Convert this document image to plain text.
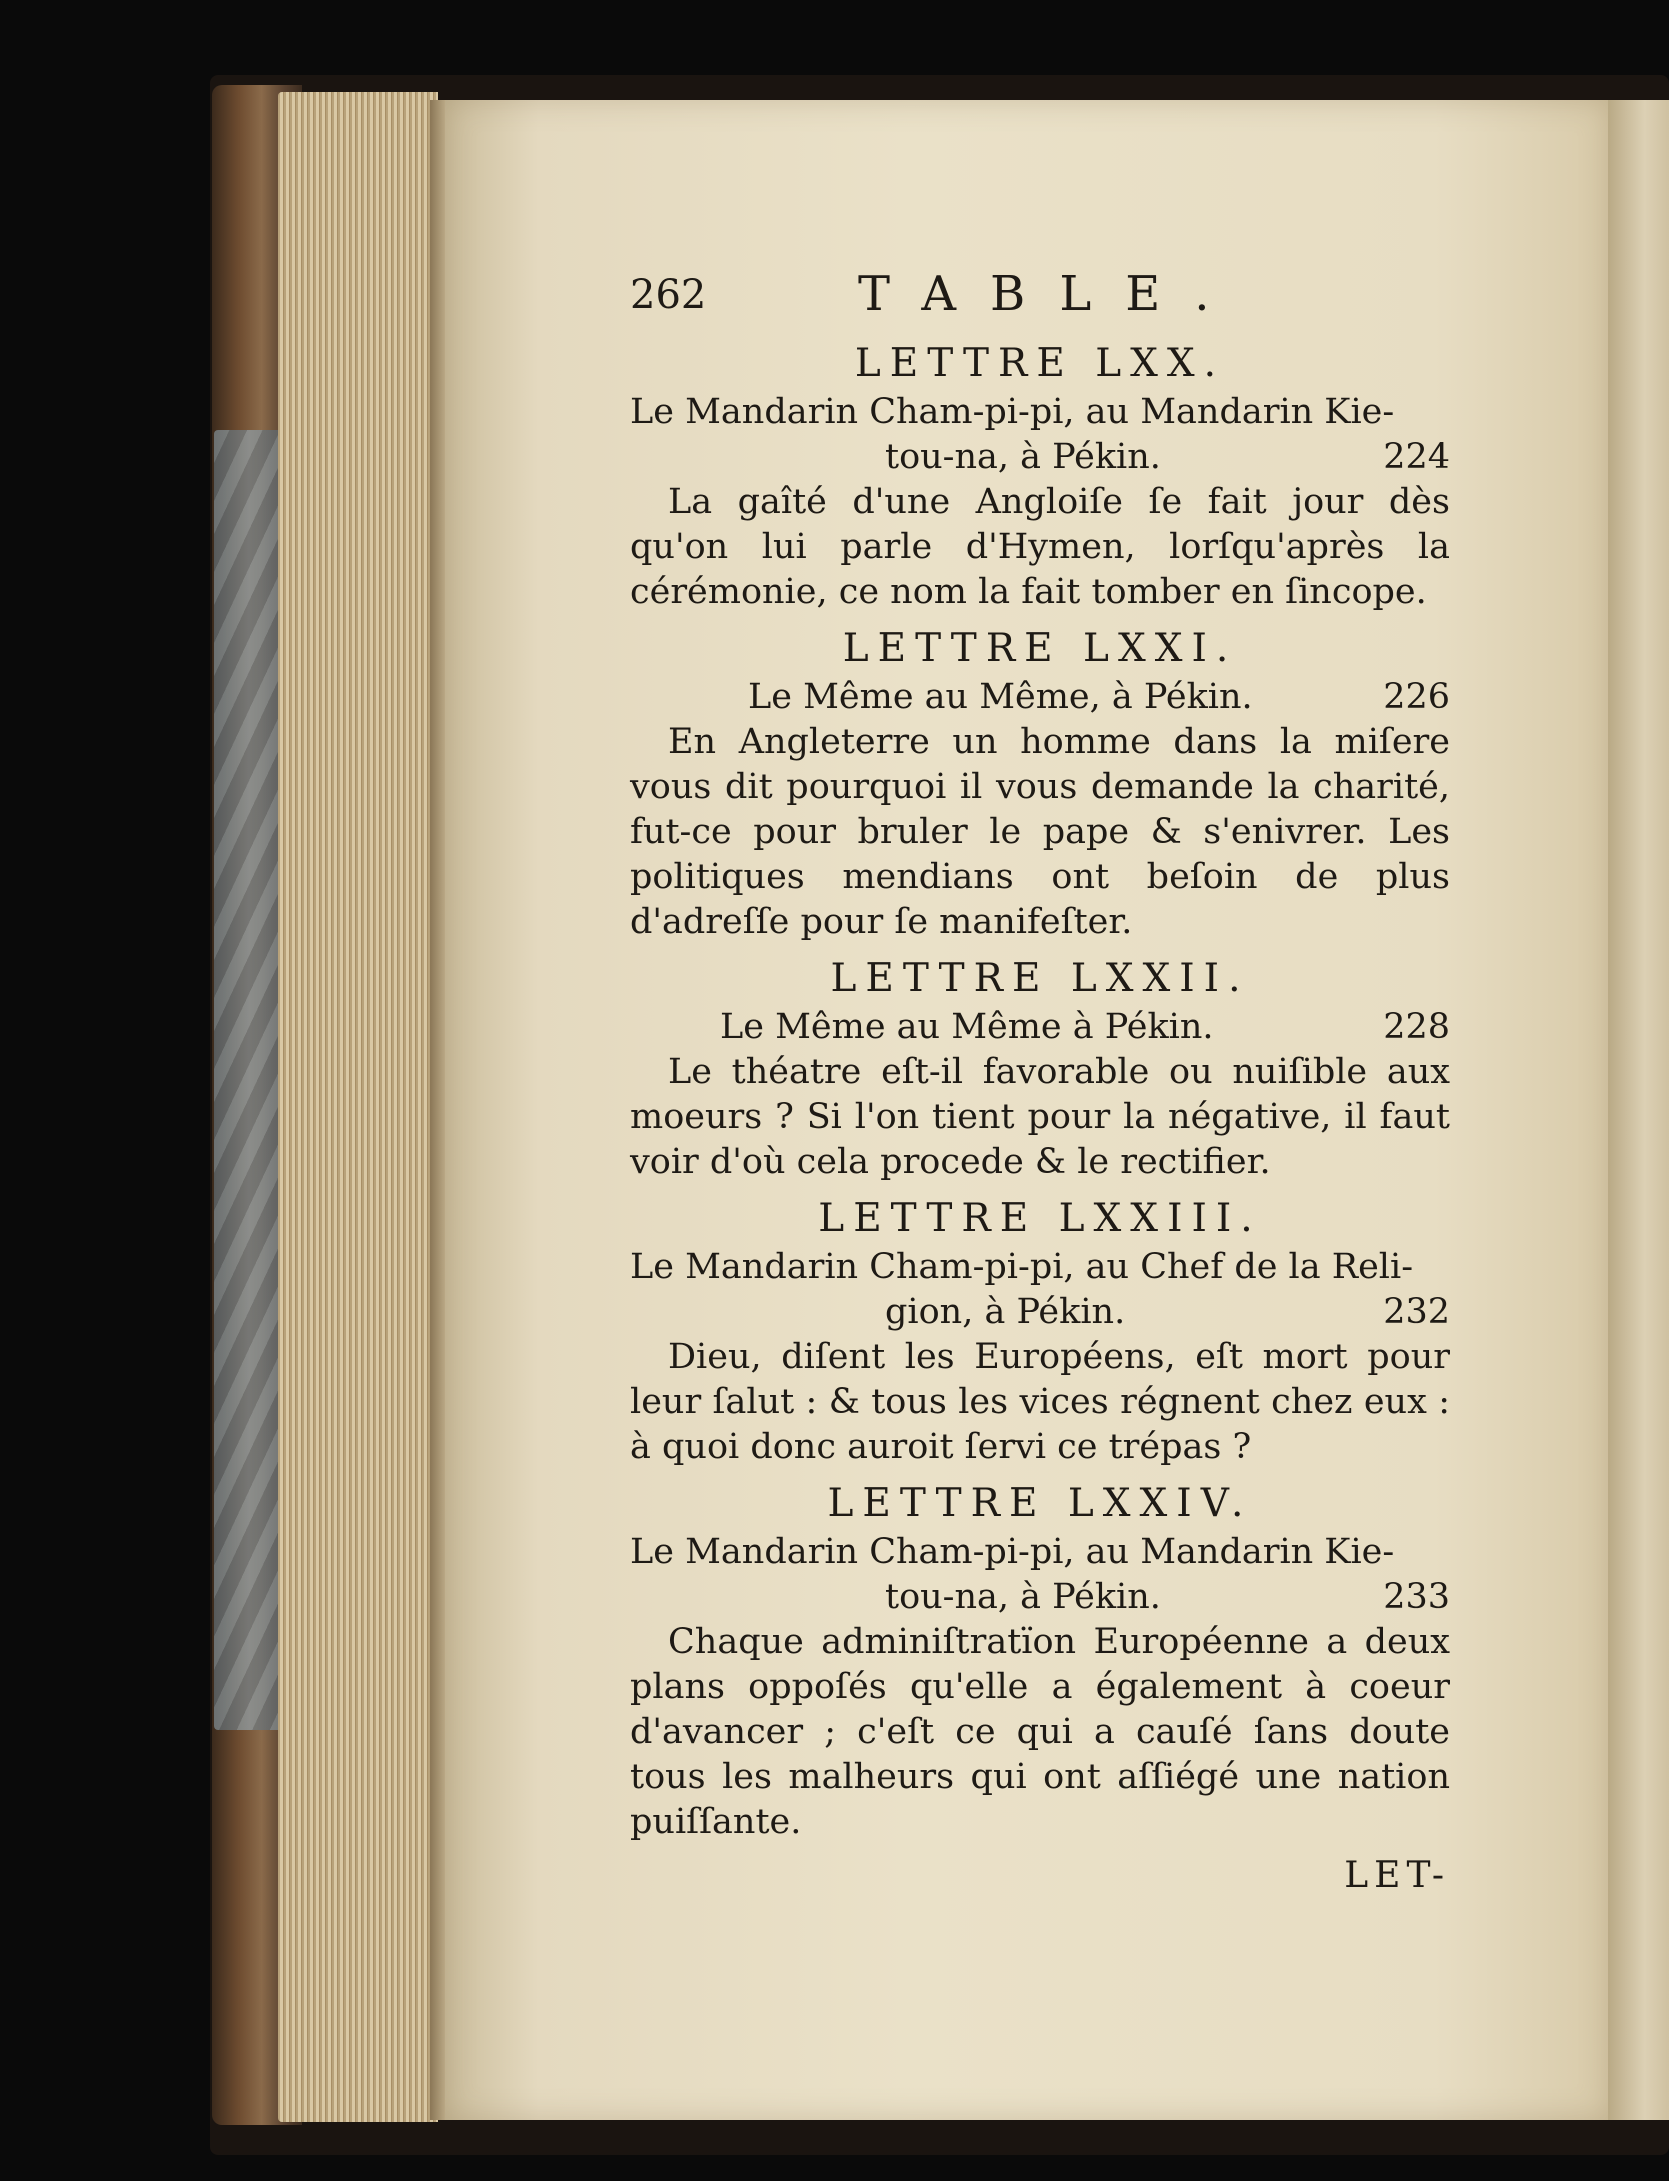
262	TABLE.
LETTRE LXX.
Le Mandarin Cham-pi-pi, au Mandarin Kie-
tou-na, à Pékin.	224
La gaîté d'une Angloiſe ſe fait jour dès qu'on lui parle d'Hymen, lorſqu'après la cérémonie, ce nom la fait tomber en ſincope.
LETTRE LXXI.
Le Même au Même, à Pékin.	226
En Angleterre un homme dans la miſere vous dit pourquoi il vous demande la charité, fut-ce pour bruler le pape & s'enivrer. Les politiques mendians ont beſoin de plus d'adreſſe pour ſe manifeſter.
LETTRE LXXII.
Le Même au Même à Pékin.	228
Le théatre eſt-il favorable ou nuiſible aux moeurs ? Si l'on tient pour la négative, il faut voir d'où cela procede & le rectifier.
LETTRE LXXIII.
Le Mandarin Cham-pi-pi, au Chef de la Reli-
gion, à Pékin.	232
Dieu, diſent les Européens, eſt mort pour leur ſalut : & tous les vices régnent chez eux : à quoi donc auroit ſervi ce trépas ?
LETTRE LXXIV.
Le Mandarin Cham-pi-pi, au Mandarin Kie-
tou-na, à Pékin.	233
Chaque adminiſtratïon Européenne a deux plans oppoſés qu'elle a également à coeur d'avancer ; c'eſt ce qui a cauſé ſans doute tous les malheurs qui ont aſſiégé une nation puiſſante.
LET-
